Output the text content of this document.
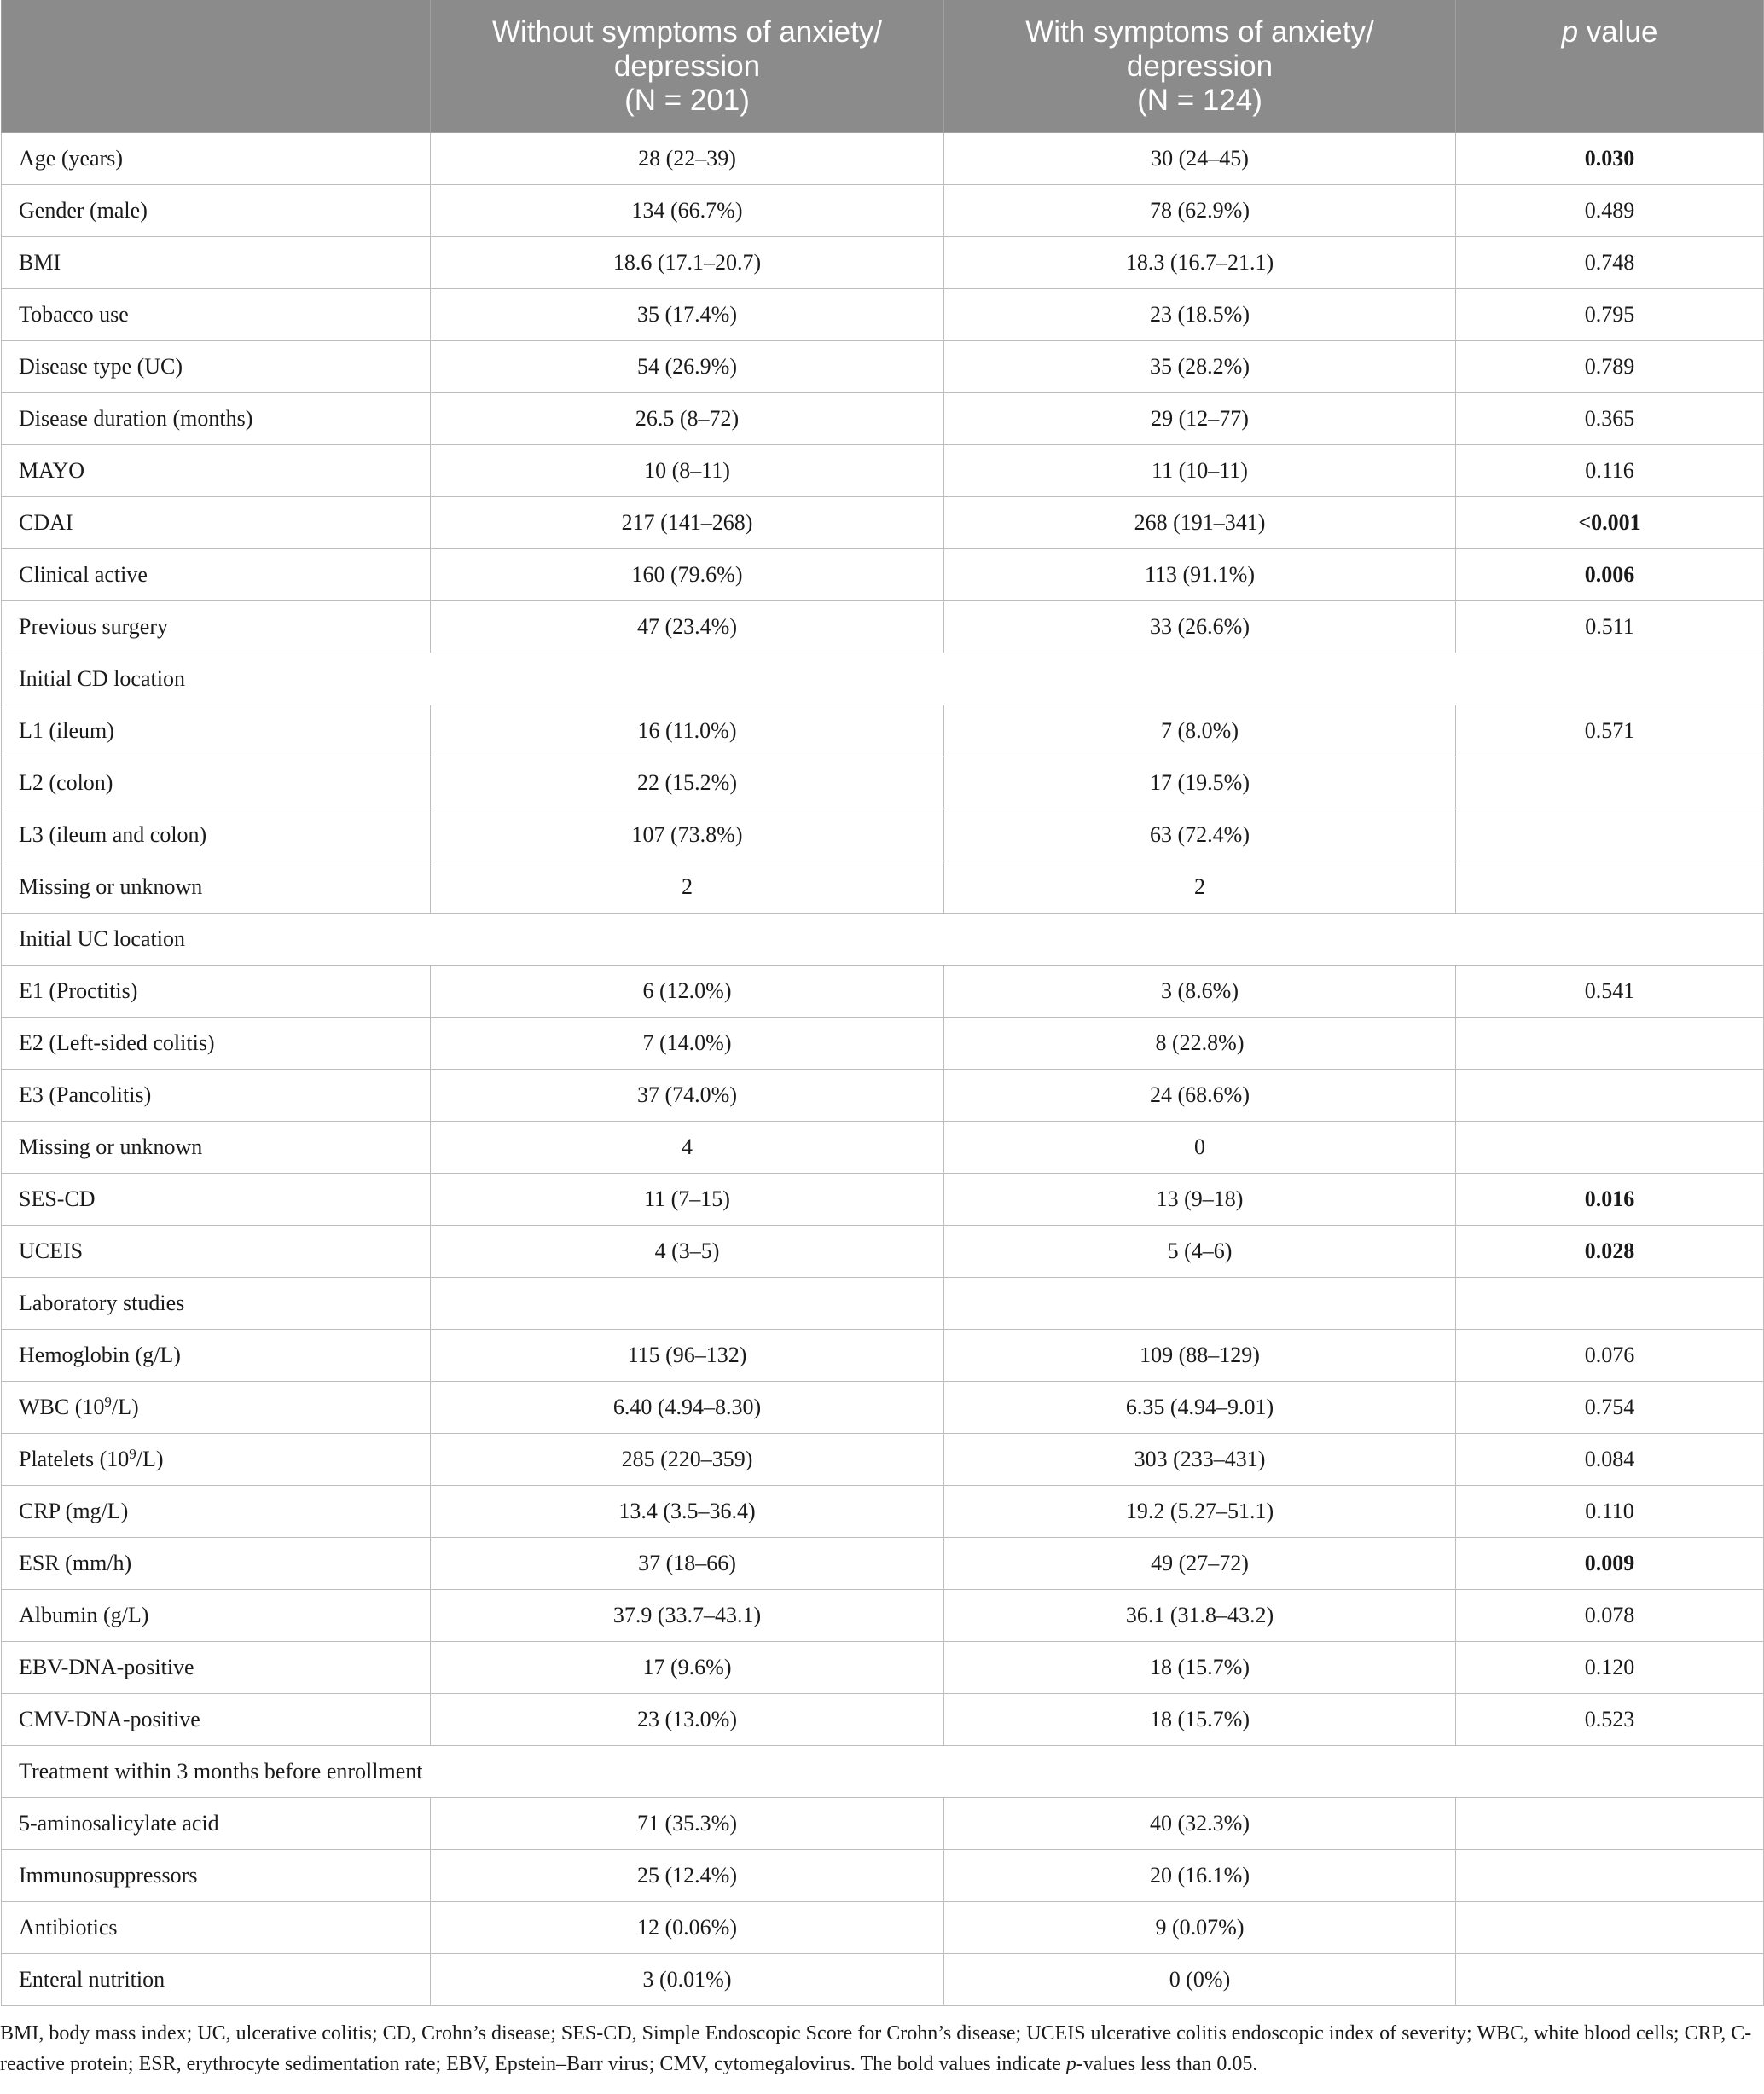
	Without symptoms of anxiety/
depression
(N = 201)	With symptoms of anxiety/
depression
(N = 124)	p value
Age (years)	28 (22–39)	30 (24–45)	0.030
Gender (male)	134 (66.7%)	78 (62.9%)	0.489
BMI	18.6 (17.1–20.7)	18.3 (16.7–21.1)	0.748
Tobacco use	35 (17.4%)	23 (18.5%)	0.795
Disease type (UC)	54 (26.9%)	35 (28.2%)	0.789
Disease duration (months)	26.5 (8–72)	29 (12–77)	0.365
MAYO	10 (8–11)	11 (10–11)	0.116
CDAI	217 (141–268)	268 (191–341)	<0.001
Clinical active	160 (79.6%)	113 (91.1%)	0.006
Previous surgery	47 (23.4%)	33 (26.6%)	0.511
Initial CD location			
L1 (ileum)	16 (11.0%)	7 (8.0%)	0.571
L2 (colon)	22 (15.2%)	17 (19.5%)	
L3 (ileum and colon)	107 (73.8%)	63 (72.4%)	
Missing or unknown	2	2	
Initial UC location			
E1 (Proctitis)	6 (12.0%)	3 (8.6%)	0.541
E2 (Left-sided colitis)	7 (14.0%)	8 (22.8%)	
E3 (Pancolitis)	37 (74.0%)	24 (68.6%)	
Missing or unknown	4	0	
SES-CD	11 (7–15)	13 (9–18)	0.016
UCEIS	4 (3–5)	5 (4–6)	0.028
Laboratory studies			
Hemoglobin (g/L)	115 (96–132)	109 (88–129)	0.076
WBC $(10^9/L)$	6.40 (4.94–8.30)	6.35 (4.94–9.01)	0.754
Platelets $(10^9/L)$	285 (220–359)	303 (233–431)	0.084
CRP (mg/L)	13.4 (3.5–36.4)	19.2 (5.27–51.1)	0.110
ESR (mm/h)	37 (18–66)	49 (27–72)	0.009
Albumin (g/L)	37.9 (33.7–43.1)	36.1 (31.8–43.2)	0.078
EBV-DNA-positive	17 (9.6%)	18 (15.7%)	0.120
CMV-DNA-positive	23 (13.0%)	18 (15.7%)	0.523
Treatment within 3 months before enrollment			
5-aminosalicylate acid	71 (35.3%)	40 (32.3%)	
Immunosuppressors	25 (12.4%)	20 (16.1%)	
Antibiotics	12 (0.06%)	9 (0.07%)	
Enteral nutrition	3 (0.01%)	0 (0%)	
BMI, body mass index; UC, ulcerative colitis; CD, Crohn’s disease; SES-CD, Simple Endoscopic Score for Crohn’s disease; UCEIS ulcerative colitis endoscopic index of severity; WBC, white blood cells; CRP, C-reactive protein; ESR, erythrocyte sedimentation rate; EBV, Epstein–Barr virus; CMV, cytomegalovirus. The bold values indicate p-values less than 0.05.
